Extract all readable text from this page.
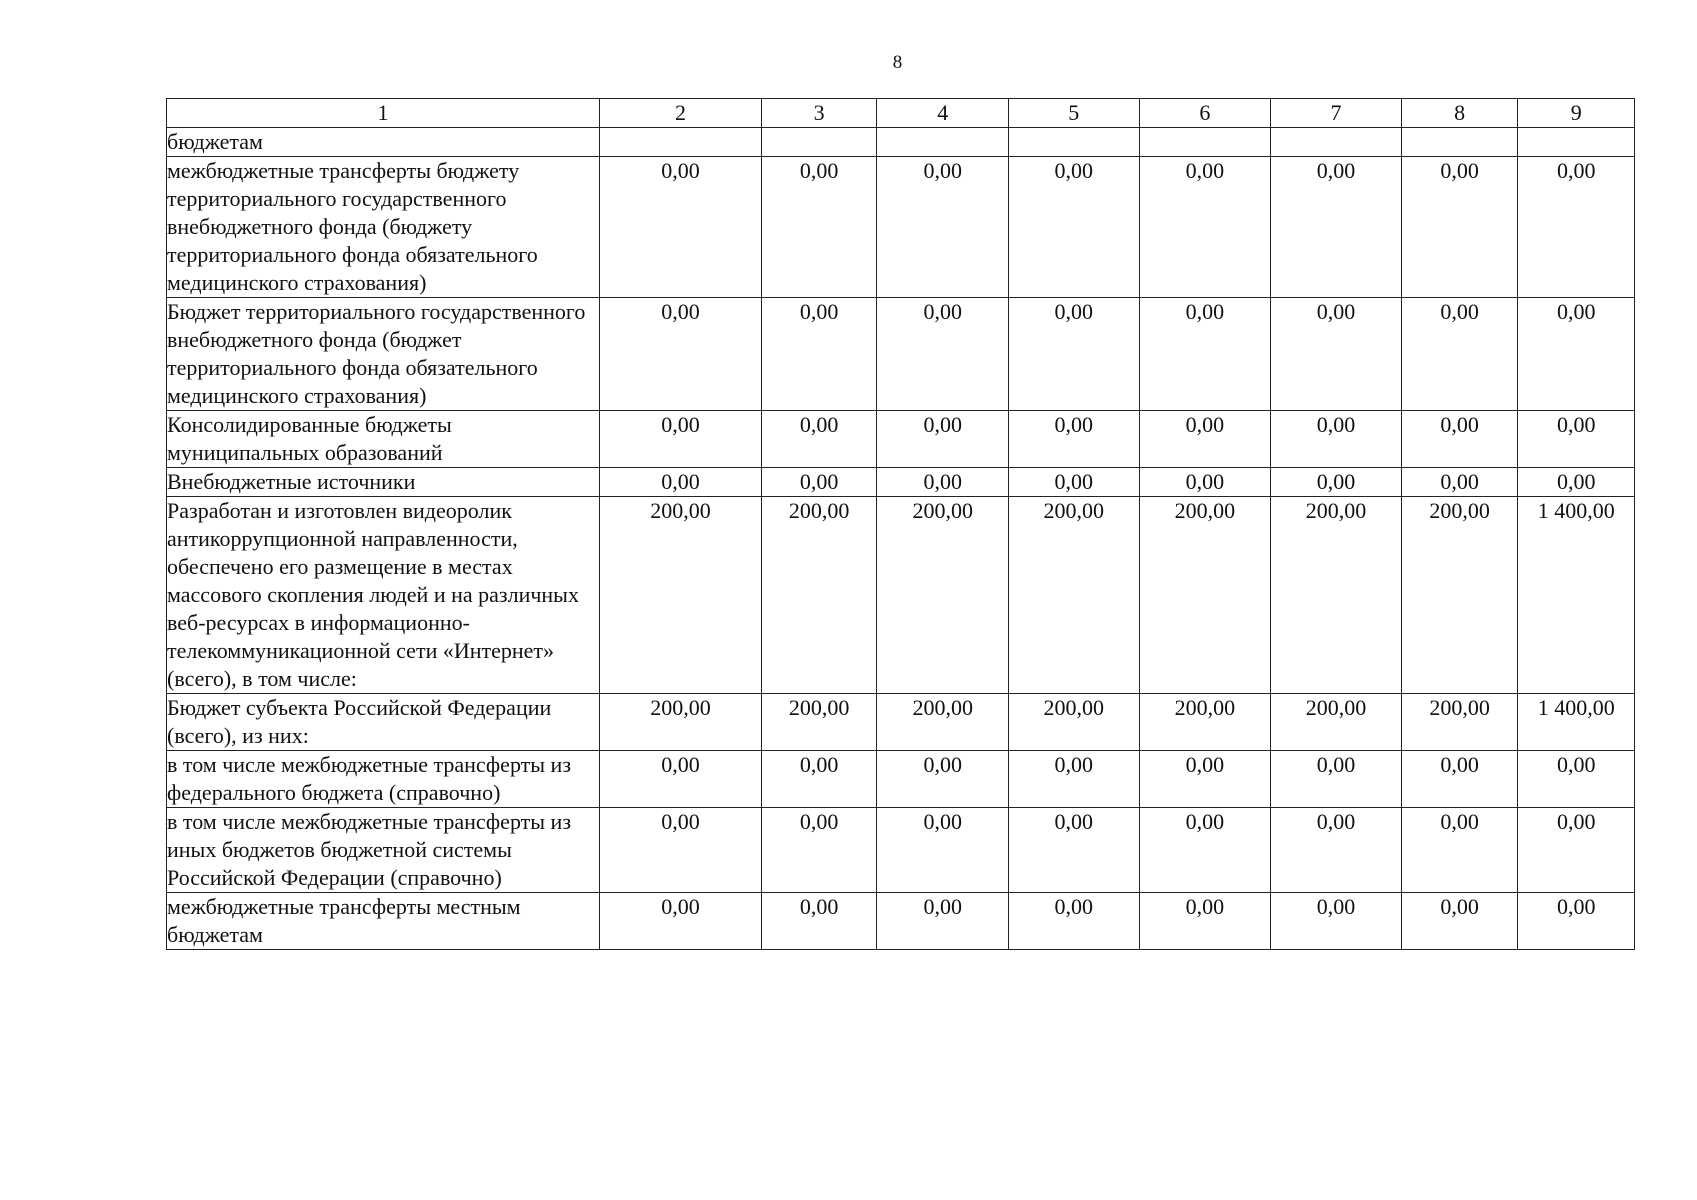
8
1	2	3	4	5	6	7	8	9
бюджетам								
межбюджетные трансферты бюджету территориального государственного внебюджетного фонда (бюджету территориального фонда обязательного медицинского страхования)	0,00	0,00	0,00	0,00	0,00	0,00	0,00	0,00
Бюджет территориального государственного внебюджетного фонда (бюджет территориального фонда обязательного медицинского страхования)	0,00	0,00	0,00	0,00	0,00	0,00	0,00	0,00
Консолидированные бюджеты муниципальных образований	0,00	0,00	0,00	0,00	0,00	0,00	0,00	0,00
Внебюджетные источники	0,00	0,00	0,00	0,00	0,00	0,00	0,00	0,00
Разработан и изготовлен видеоролик антикоррупционной направленности, обеспечено его размещение в местах массового скопления людей и на различных веб-ресурсах в информационно-телекоммуникационной сети «Интернет» (всего), в том числе:	200,00	200,00	200,00	200,00	200,00	200,00	200,00	1 400,00
Бюджет субъекта Российской Федерации (всего), из них:	200,00	200,00	200,00	200,00	200,00	200,00	200,00	1 400,00
в том числе межбюджетные трансферты из федерального бюджета (справочно)	0,00	0,00	0,00	0,00	0,00	0,00	0,00	0,00
в том числе межбюджетные трансферты из иных бюджетов бюджетной системы Российской Федерации (справочно)	0,00	0,00	0,00	0,00	0,00	0,00	0,00	0,00
межбюджетные трансферты местным бюджетам	0,00	0,00	0,00	0,00	0,00	0,00	0,00	0,00
